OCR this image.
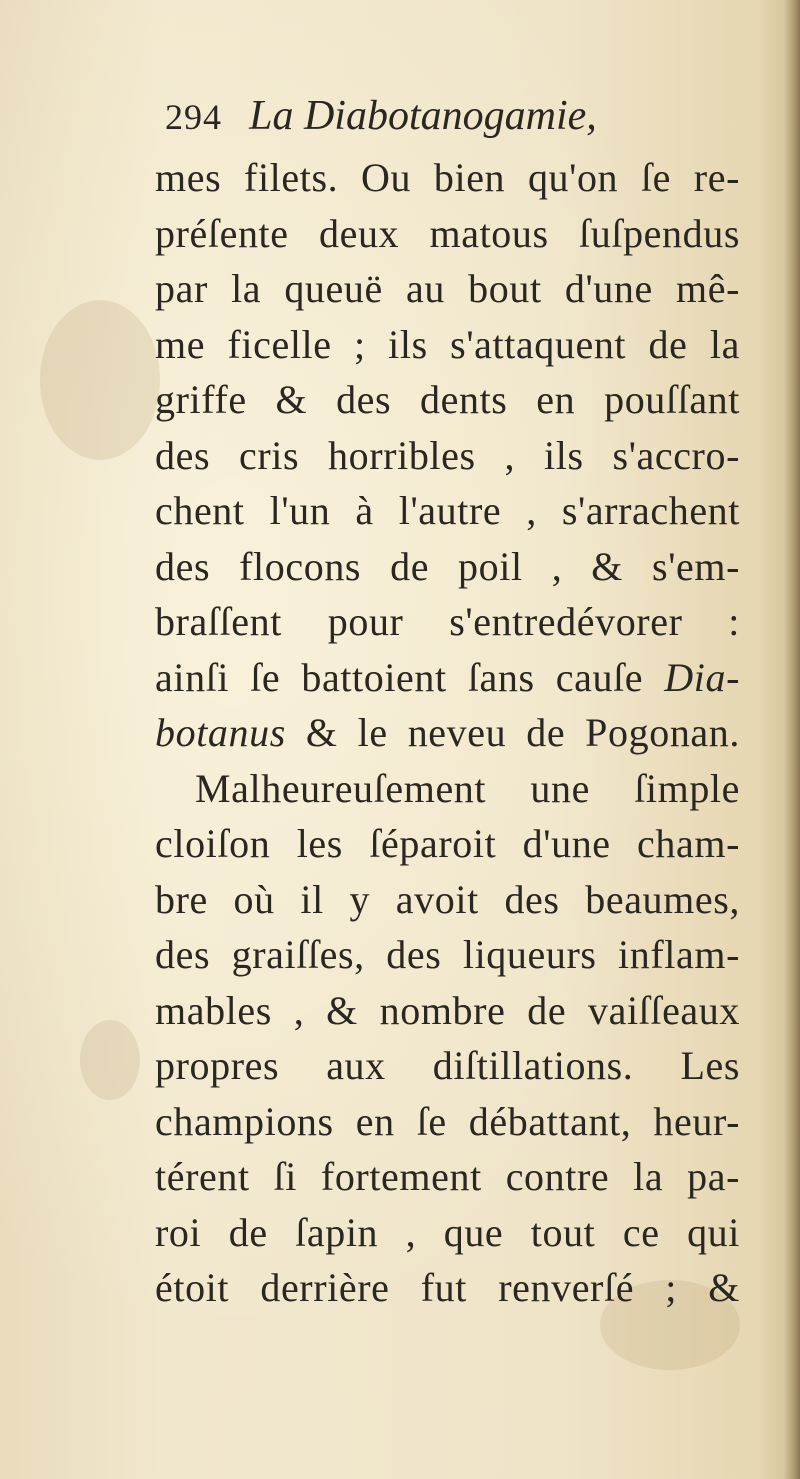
294 La Diabotanogamie,
mes filets. Ou bien qu'on ſe re-
préſente deux matous ſuſpendus
par la queuë au bout d'une mê-
me ficelle ; ils s'attaquent de la
griffe & des dents en pouſſant
des cris horribles , ils s'accro-
chent l'un à l'autre , s'arrachent
des flocons de poil , & s'em-
braſſent pour s'entredévorer :
ainſi ſe battoient ſans cauſe Dia-
botanus & le neveu de Pogonan.
Malheureuſement une ſimple
cloiſon les ſéparoit d'une cham-
bre où il y avoit des beaumes,
des graiſſes, des liqueurs inflam-
mables , & nombre de vaiſſeaux
propres aux diſtillations. Les
champions en ſe débattant, heur-
térent ſi fortement contre la pa-
roi de ſapin , que tout ce qui
étoit derrière fut renverſé ; &
